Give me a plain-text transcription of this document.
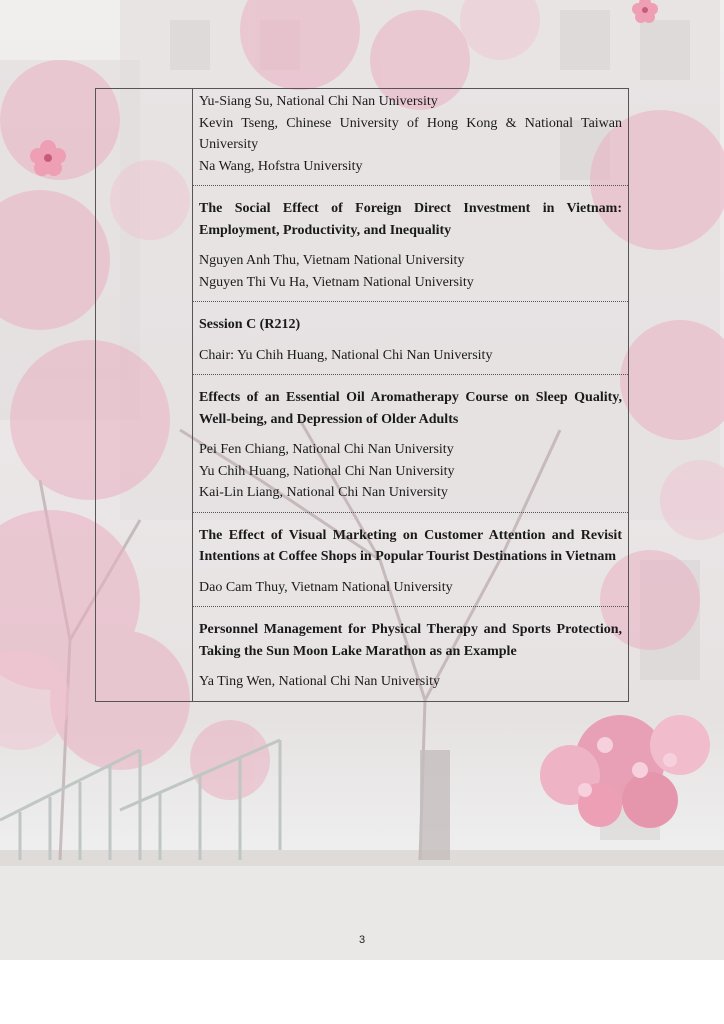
Yu-Siang Su, National Chi Nan University
Kevin Tseng, Chinese University of Hong Kong & National Taiwan University
Na Wang, Hofstra University
The Social Effect of Foreign Direct Investment in Vietnam: Employment, Productivity, and Inequality
Nguyen Anh Thu, Vietnam National University
Nguyen Thi Vu Ha, Vietnam National University
Session C (R212)
Chair: Yu Chih Huang, National Chi Nan University
Effects of an Essential Oil Aromatherapy Course on Sleep Quality, Well-being, and Depression of Older Adults
Pei Fen Chiang, National Chi Nan University
Yu Chih Huang, National Chi Nan University
Kai-Lin Liang, National Chi Nan University
The Effect of Visual Marketing on Customer Attention and Revisit Intentions at Coffee Shops in Popular Tourist Destinations in Vietnam
Dao Cam Thuy, Vietnam National University
Personnel Management for Physical Therapy and Sports Protection, Taking the Sun Moon Lake Marathon as an Example
Ya Ting Wen, National Chi Nan University
3
